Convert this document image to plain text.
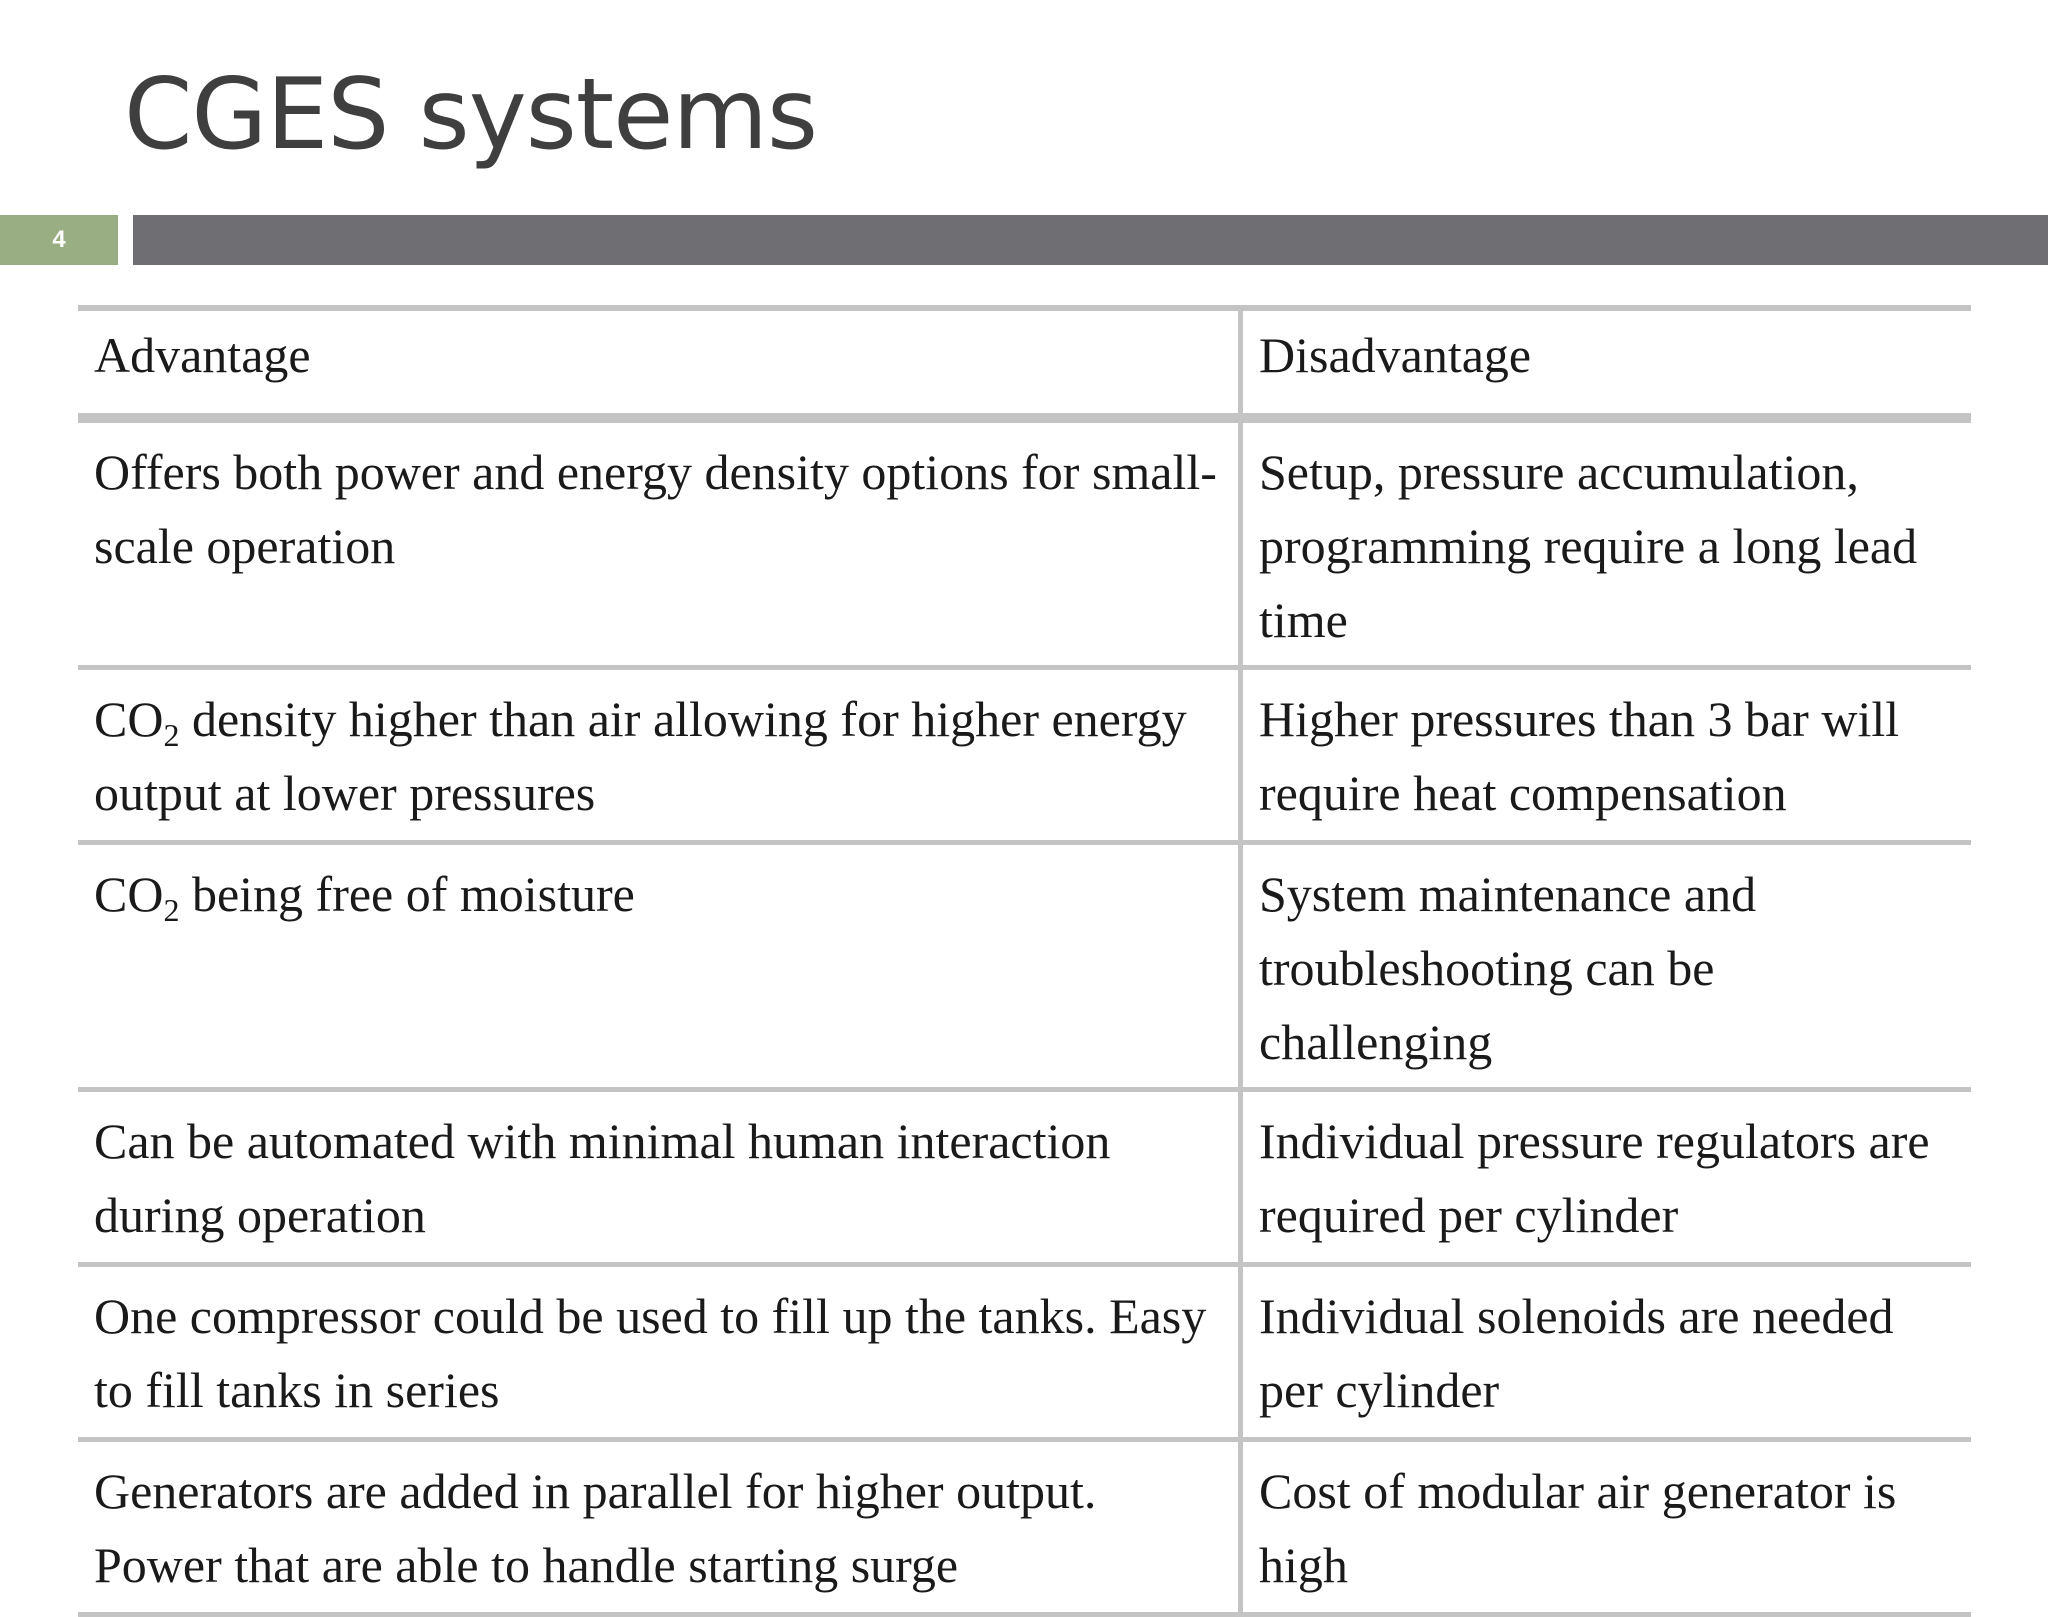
CGES systems
4
Advantage	Disadvantage
Offers both power and energy density options for small-scale operation	Setup, pressure accumulation, programming require a long lead time
$CO_2$ density higher than air allowing for higher energy output at lower pressures	Higher pressures than 3 bar will require heat compensation
$CO_2$ being free of moisture	System maintenance and troubleshooting can be challenging
Can be automated with minimal human interaction during operation	Individual pressure regulators are required per cylinder
One compressor could be used to fill up the tanks. Easy to fill tanks in series	Individual solenoids are needed per cylinder
Generators are added in parallel for higher output. Power that are able to handle starting surge	Cost of modular air generator is high
